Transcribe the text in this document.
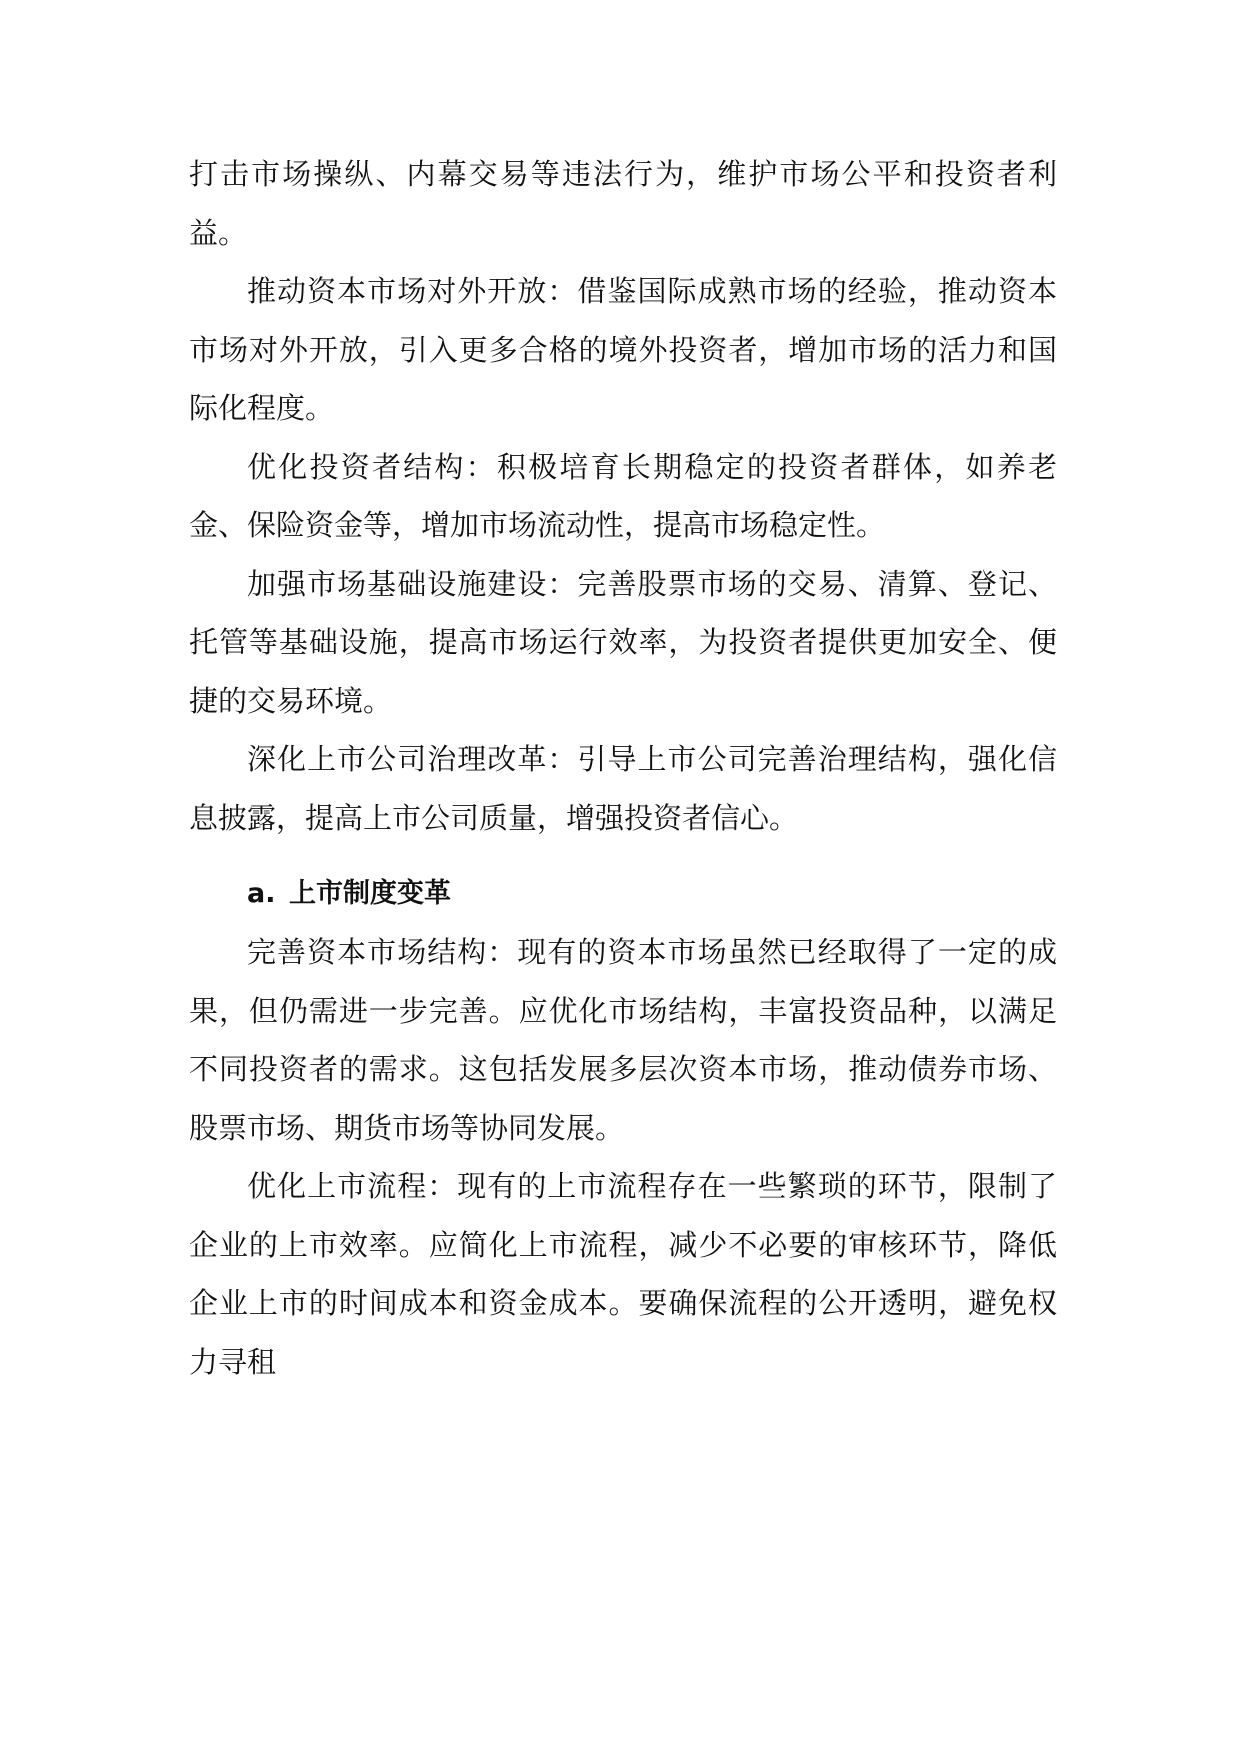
打击市场操纵、内幕交易等违法行为，维护市场公平和投资者利益。

推动资本市场对外开放：借鉴国际成熟市场的经验，推动资本市场对外开放，引入更多合格的境外投资者，增加市场的活力和国际化程度。

优化投资者结构：积极培育长期稳定的投资者群体，如养老金、保险资金等，增加市场流动性，提高市场稳定性。

加强市场基础设施建设：完善股票市场的交易、清算、登记、托管等基础设施，提高市场运行效率，为投资者提供更加安全、便捷的交易环境。

深化上市公司治理改革：引导上市公司完善治理结构，强化信息披露，提高上市公司质量，增强投资者信心。

a. 上市制度变革

完善资本市场结构：现有的资本市场虽然已经取得了一定的成果，但仍需进一步完善。应优化市场结构，丰富投资品种，以满足不同投资者的需求。这包括发展多层次资本市场，推动债券市场、股票市场、期货市场等协同发展。

优化上市流程：现有的上市流程存在一些繁琐的环节，限制了企业的上市效率。应简化上市流程，减少不必要的审核环节，降低企业上市的时间成本和资金成本。要确保流程的公开透明，避免权力寻租
